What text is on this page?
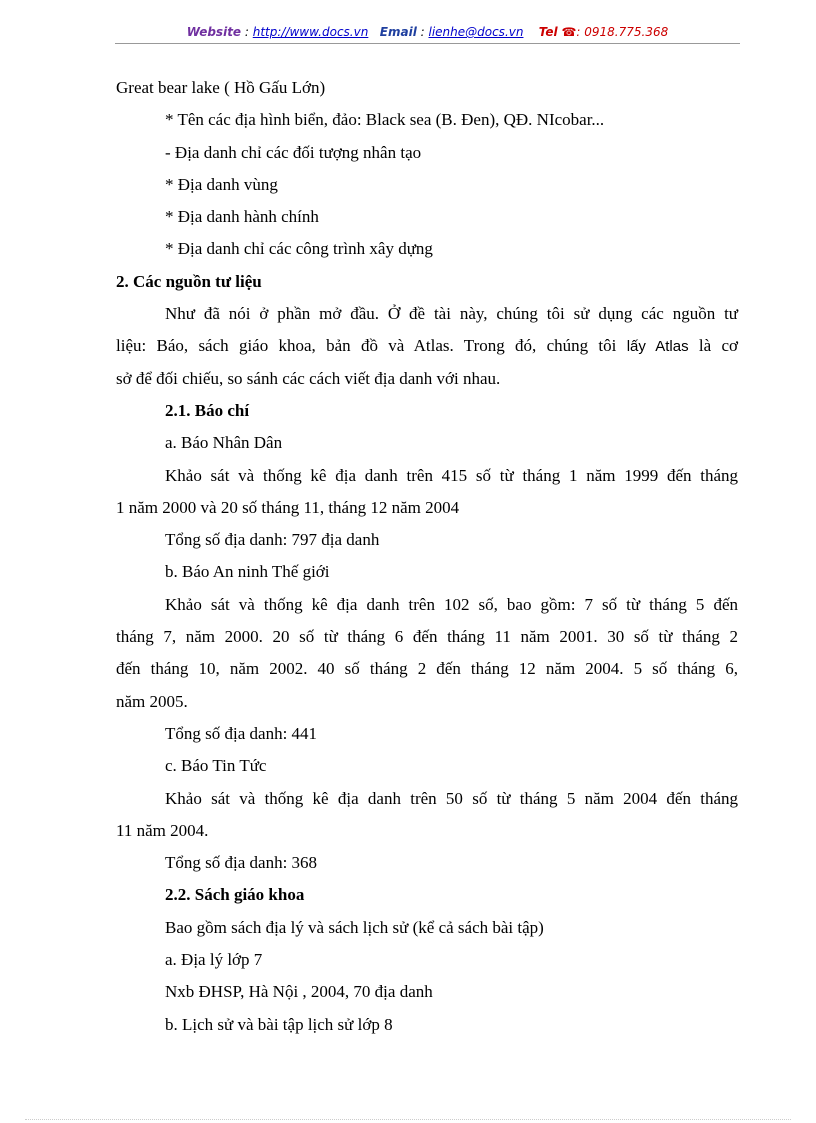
Website : http://www.docs.vn Email : lienhe@docs.vn Tel ☎: 0918.775.368
Great bear lake ( Hồ Gấu Lớn)
* Tên các địa hình biển, đảo: Black sea (B. Đen), QĐ. NIcobar...
- Địa danh chỉ các đối tượng nhân tạo
* Địa danh vùng
* Địa danh hành chính
* Địa danh chỉ các công trình xây dựng
2. Các nguồn tư liệu
Như đã nói ở phần mở đầu. Ở đề tài này, chúng tôi sử dụng các nguồn tư
liệu: Báo, sách giáo khoa, bản đồ và Atlas. Trong đó, chúng tôi lấy Atlas là cơ
sở để đối chiếu, so sánh các cách viết địa danh với nhau.
2.1. Báo chí
a. Báo Nhân Dân
Khảo sát và thống kê địa danh trên 415 số từ tháng 1 năm 1999 đến tháng
1 năm 2000 và 20 số tháng 11, tháng 12 năm 2004
Tổng số địa danh: 797 địa danh
b. Báo An ninh Thế giới
Khảo sát và thống kê địa danh trên 102 số, bao gồm: 7 số từ tháng 5 đến
tháng 7, năm 2000. 20 số từ tháng 6 đến tháng 11 năm 2001. 30 số từ tháng 2
đến tháng 10, năm 2002. 40 số tháng 2 đến tháng 12 năm 2004. 5 số tháng 6,
năm 2005.
Tổng số địa danh: 441
c. Báo Tin Tức
Khảo sát và thống kê địa danh trên 50 số từ tháng 5 năm 2004 đến tháng
11 năm 2004.
Tổng số địa danh: 368
2.2. Sách giáo khoa
Bao gồm sách địa lý và sách lịch sử (kể cả sách bài tập)
a. Địa lý lớp 7
Nxb ĐHSP, Hà Nội , 2004, 70 địa danh
b. Lịch sử và bài tập lịch sử lớp 8
